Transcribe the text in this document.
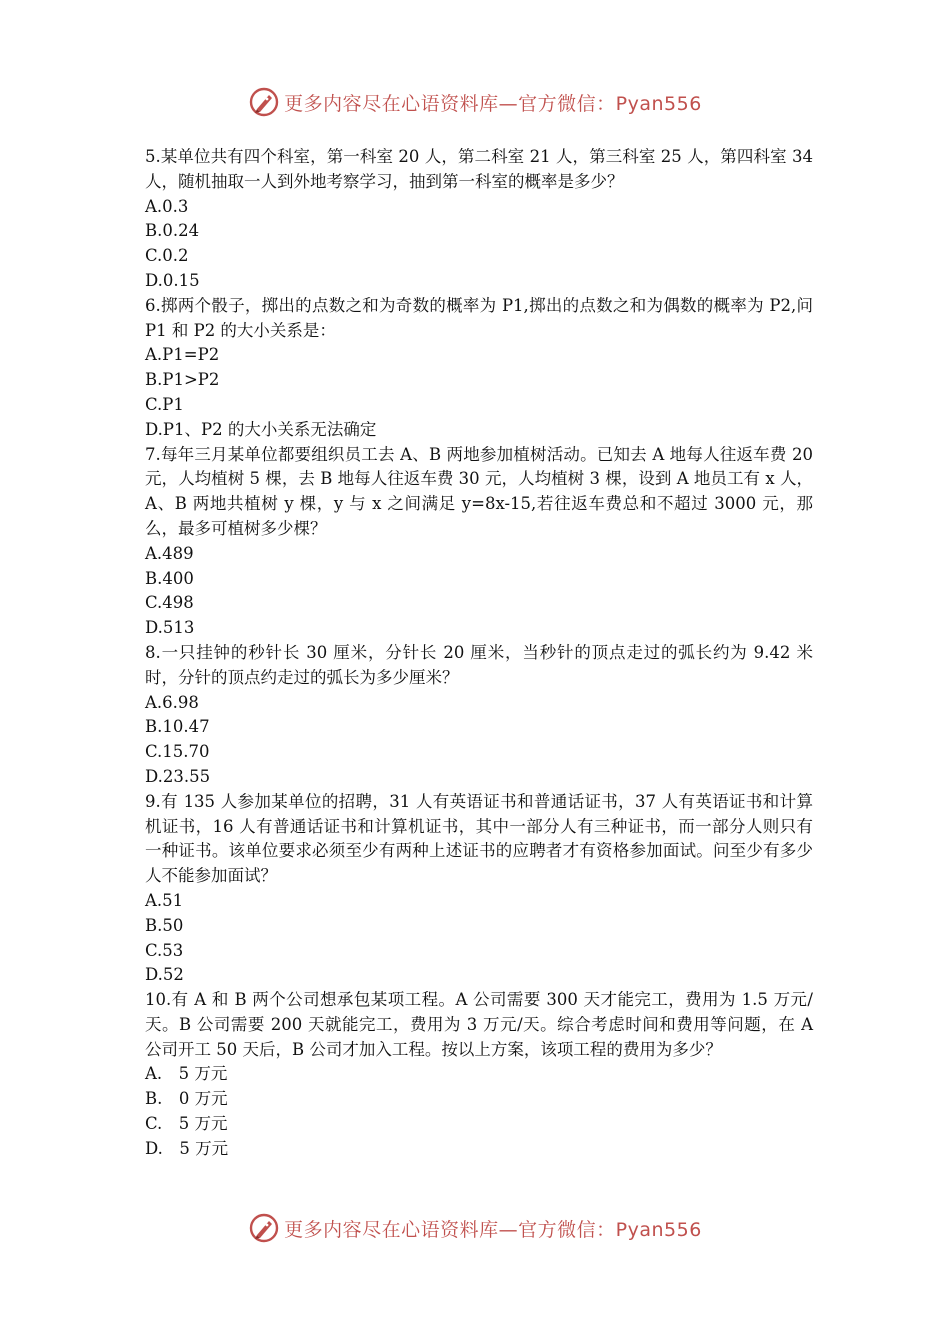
更多内容尽在心语资料库—官方微信：Pyan556

5.某单位共有四个科室，第一科室 20 人，第二科室 21 人，第三科室 25 人，第四科室 34 人，随机抽取一人到外地考察学习，抽到第一科室的概率是多少？

A.0.3

B.0.24

C.0.2

D.0.15

6.掷两个骰子，掷出的点数之和为奇数的概率为 P1,掷出的点数之和为偶数的概率为 P2,问 P1 和 P2 的大小关系是：

A.P1=P2

B.P1>P2

C.P1

D.P1、P2 的大小关系无法确定

7.每年三月某单位都要组织员工去 A、B 两地参加植树活动。已知去 A 地每人往返车费 20 元，人均植树 5 棵，去 B 地每人往返车费 30 元，人均植树 3 棵，设到 A 地员工有 x 人，A、B 两地共植树 y 棵，y 与 x 之间满足 y=8x-15,若往返车费总和不超过 3000 元，那么，最多可植树多少棵？

A.489

B.400

C.498

D.513

8.一只挂钟的秒针长 30 厘米，分针长 20 厘米，当秒针的顶点走过的弧长约为 9.42 米时，分针的顶点约走过的弧长为多少厘米？

A.6.98

B.10.47

C.15.70

D.23.55

9.有 135 人参加某单位的招聘，31 人有英语证书和普通话证书，37 人有英语证书和计算机证书，16 人有普通话证书和计算机证书，其中一部分人有三种证书，而一部分人则只有一种证书。该单位要求必须至少有两种上述证书的应聘者才有资格参加面试。问至少有多少人不能参加面试？

A.51

B.50

C.53

D.52

10.有 A 和 B 两个公司想承包某项工程。A 公司需要 300 天才能完工，费用为 1.5 万元/天。B 公司需要 200 天就能完工，费用为 3 万元/天。综合考虑时间和费用等问题，在 A 公司开工 50 天后，B 公司才加入工程。按以上方案，该项工程的费用为多少？

A.　5 万元

B.　0 万元

C.　5 万元

D.　5 万元

更多内容尽在心语资料库—官方微信：Pyan556
